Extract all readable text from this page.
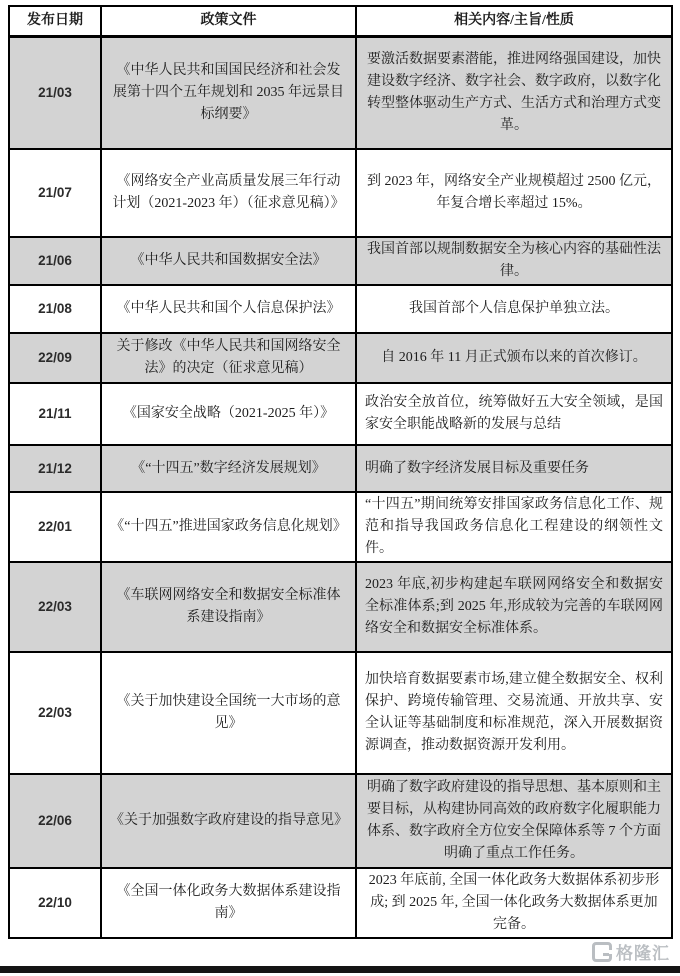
发布日期	政策文件	相关内容/主旨/性质
21/03	《中华人民共和国国民经济和社会发展第十四个五年规划和 2035 年远景目标纲要》	要激活数据要素潜能，推进网络强国建设，加快建设数字经济、数字社会、数字政府，以数字化转型整体驱动生产方式、生活方式和治理方式变革。
21/07	《网络安全产业高质量发展三年行动计划（2021-2023 年）（征求意见稿）》	到 2023 年，网络安全产业规模超过 2500 亿元，年复合增长率超过 15%。
21/06	《中华人民共和国数据安全法》	我国首部以规制数据安全为核心内容的基础性法律。
21/08	《中华人民共和国个人信息保护法》	我国首部个人信息保护单独立法。
22/09	关于修改《中华人民共和国网络安全法》的决定（征求意见稿）	自 2016 年 11 月正式颁布以来的首次修订。
21/11	《国家安全战略（2021-2025 年）》	政治安全放首位，统筹做好五大安全领域，是国家安全职能战略新的发展与总结
21/12	《“十四五”数字经济发展规划》	明确了数字经济发展目标及重要任务
22/01	《“十四五”推进国家政务信息化规划》	“十四五”期间统筹安排国家政务信息化工作、规范和指导我国政务信息化工程建设的纲领性文件。
22/03	《车联网网络安全和数据安全标准体系建设指南》	2023 年底,初步构建起车联网网络安全和数据安全标准体系;到 2025 年,形成较为完善的车联网网络安全和数据安全标准体系。
22/03	《关于加快建设全国统一大市场的意见》	加快培育数据要素市场,建立健全数据安全、权利保护、跨境传输管理、交易流通、开放共享、安全认证等基础制度和标准规范，深入开展数据资源调查，推动数据资源开发利用。
22/06	《关于加强数字政府建设的指导意见》	明确了数字政府建设的指导思想、基本原则和主要目标，从构建协同高效的政府数字化履职能力体系、数字政府全方位安全保障体系等 7 个方面明确了重点工作任务。
22/10	《全国一体化政务大数据体系建设指南》	2023 年底前, 全国一体化政务大数据体系初步形成; 到 2025 年, 全国一体化政务大数据体系更加完备。
格隆汇
